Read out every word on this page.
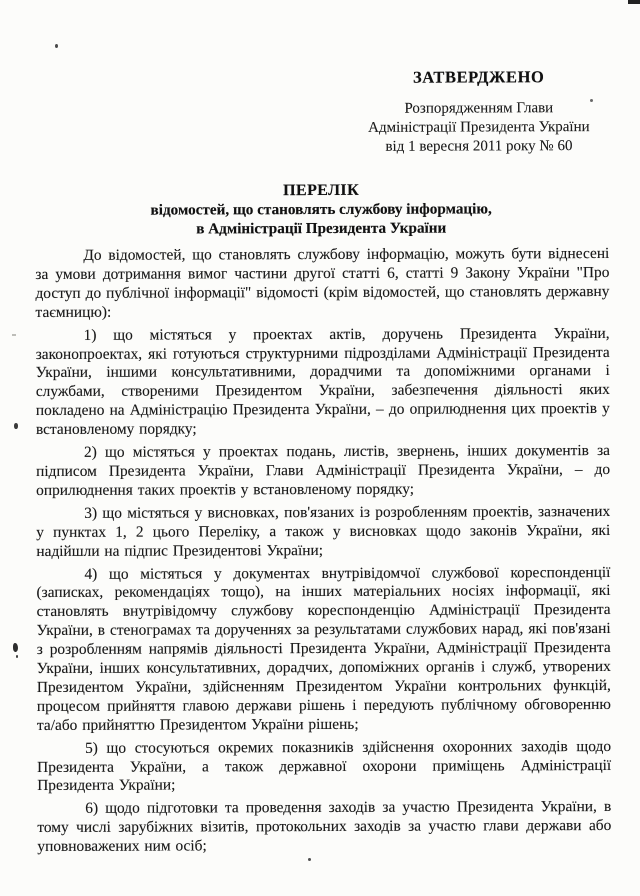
ЗАТВЕРДЖЕНО
Розпорядженням Глави
Адміністрації Президента України
від 1 вересня 2011 року № 60
ПЕРЕЛІК
відомостей, що становлять службову інформацію,
в Адміністрації Президента України

До відомостей, що становлять службову інформацію, можуть бути віднесені за умови дотримання вимог частини другої статті 6, статті 9 Закону України "Про доступ до публічної інформації" відомості (крім відомостей, що становлять державну таємницю):

1) що містяться у проектах актів, доручень Президента України, законопроектах, які готуються структурними підрозділами Адміністрації Президента України, іншими консультативними, дорадчими та допоміжними органами і службами, створеними Президентом України, забезпечення діяльності яких покладено на Адміністрацію Президента України, – до оприлюднення цих проектів у встановленому порядку;

2) що містяться у проектах подань, листів, звернень, інших документів за підписом Президента України, Глави Адміністрації Президента України, – до оприлюднення таких проектів у встановленому порядку;

3) що містяться у висновках, пов'язаних із розробленням проектів, зазначених у пунктах 1, 2 цього Переліку, а також у висновках щодо законів України, які надійшли на підпис Президентові України;

4) що містяться у документах внутрівідомчої службової кореспонденції (записках, рекомендаціях тощо), на інших матеріальних носіях інформації, які становлять внутрівідомчу службову кореспонденцію Адміністрації Президента України, в стенограмах та дорученнях за результатами службових нарад, які пов'язані з розробленням напрямів діяльності Президента України, Адміністрації Президента України, інших консультативних, дорадчих, допоміжних органів і служб, утворених Президентом України, здійсненням Президентом України контрольних функцій, процесом прийняття главою держави рішень і передують публічному обговоренню та/або прийняттю Президентом України рішень;

5) що стосуються окремих показників здійснення охоронних заходів щодо Президента України, а також державної охорони приміщень Адміністрації Президента України;

6) щодо підготовки та проведення заходів за участю Президента України, в тому числі зарубіжних візитів, протокольних заходів за участю глави держави або уповноважених ним осіб;
